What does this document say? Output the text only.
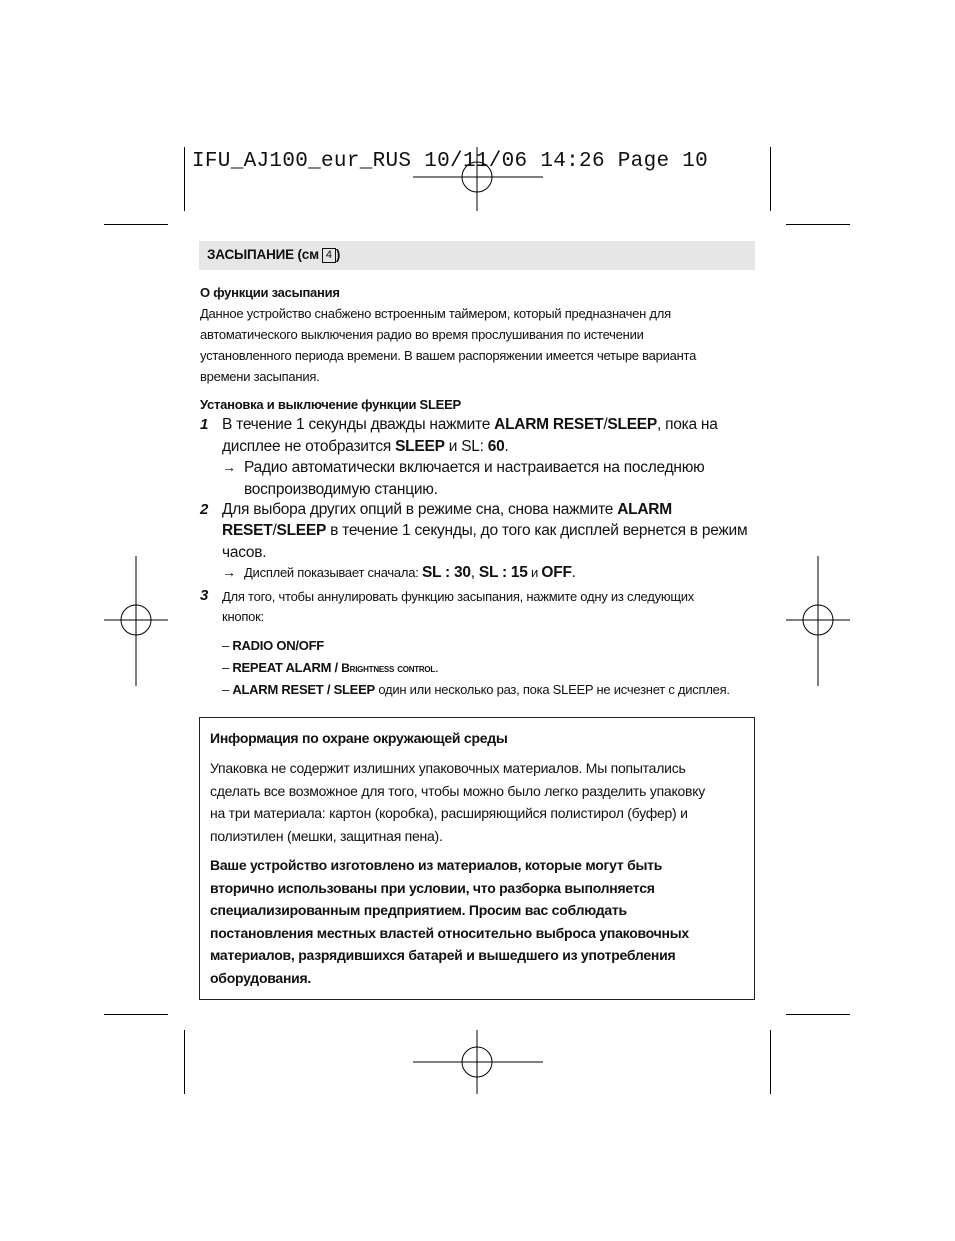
IFU_AJ100_eur_RUS 10/11/06 14:26 Page 10
ЗАСЫПАНИЕ (см 4 )
О функции засыпания
Данное устройство снабжено встроенным таймером, который предназначен для
автоматического выключения радио во время прослушивания по истечении
установленного периода времени. В вашем распоряжении имеется четыре варианта
времени засыпания.
Установка и выключение функции SLEEP
1 В течение 1 секунды дважды нажмите ALARM RESET/SLEEP, пока на
дисплее не отобразится SLEEP и SL: 60.
→ Радио автоматически включается и настраивается на последнюю
воспроизводимую станцию.
2 Для выбора других опций в режиме сна, снова нажмите ALARM
RESET/SLEEP в течение 1 секунды, до того как дисплей вернется в режим
часов.
→ Дисплей показывает сначала: SL : 30, SL : 15 и OFF.
3 Для того, чтобы аннулировать функцию засыпания, нажмите одну из следующих
кнопок:
– RADIO ON/OFF
– REPEAT ALARM / Brightness control.
– ALARM RESET / SLEEP один или несколько раз, пока SLEEP не исчезнет с дисплея.
Информация по охране окружающей среды
Упаковка не содержит излишних упаковочных материалов. Мы попытались
сделать все возможное для того, чтобы можно было легко разделить упаковку
на три материала: картон (коробка), расширяющийся полистирол (буфер) и
полиэтилен (мешки, защитная пена).
Ваше устройство изготовлено из материалов, которые могут быть
вторично использованы при условии, что разборка выполняется
специализированным предприятием. Просим вас соблюдать
постановления местных властей относительно выброса упаковочных
материалов, разрядившихся батарей и вышедшего из употребления
оборудования.
